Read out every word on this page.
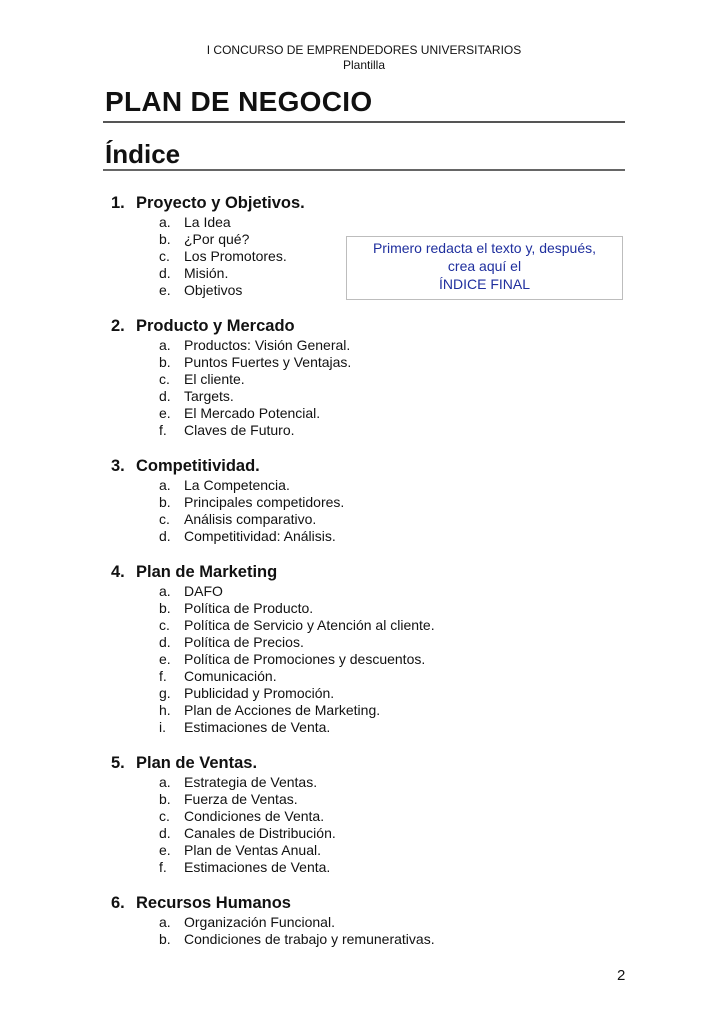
I CONCURSO DE EMPRENDEDORES UNIVERSITARIOS
Plantilla
PLAN DE NEGOCIO
Índice
1. Proyecto y Objetivos.
a. La Idea
b. ¿Por qué?
c.	Los Promotores.
d. Misión.
e. Objetivos
2. Producto y Mercado
a. Productos: Visión General.
b. Puntos Fuertes y Ventajas.
c.	El cliente.
d. Targets.
e. El Mercado Potencial.
f.	Claves de Futuro.
3. Competitividad.
a. La Competencia.
b. Principales competidores.
c.	Análisis comparativo.
d. Competitividad: Análisis.
4. Plan de Marketing
a. DAFO
b. Política de Producto.
c.	Política de Servicio y Atención al cliente.
d. Política de Precios.
e. Política de Promociones y descuentos.
f.	Comunicación.
g. Publicidad y Promoción.
h. Plan de Acciones de Marketing.
i.	Estimaciones de Venta.
5. Plan de Ventas.
a. Estrategia de Ventas.
b. Fuerza de Ventas.
c.	Condiciones de Venta.
d. Canales de Distribución.
e. Plan de Ventas Anual.
f.	Estimaciones de Venta.
6. Recursos Humanos
a. Organización Funcional.
b. Condiciones de trabajo y remunerativas.
Primero redacta el texto y, después,
crea aquí el
ÍNDICE FINAL
2
